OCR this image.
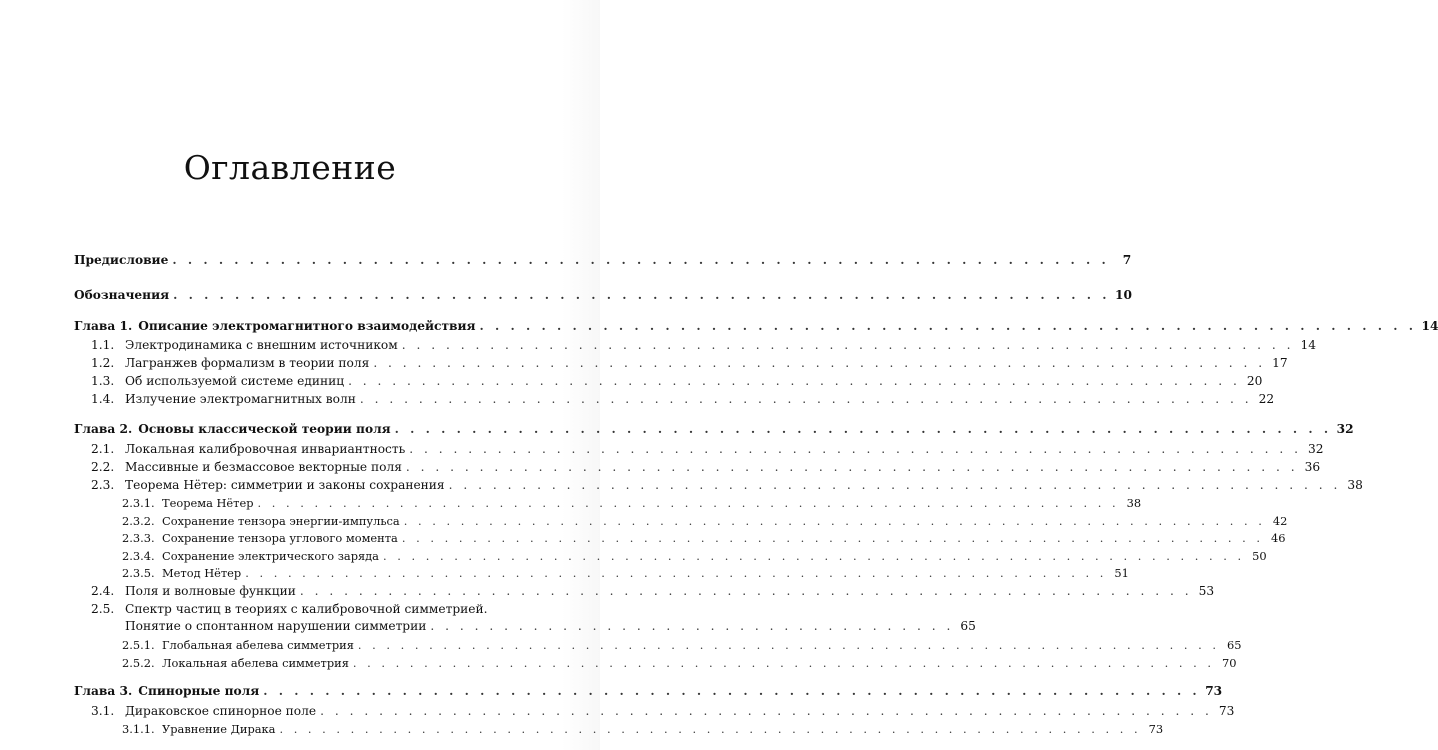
Оглавление
Предисловие . . .	7
Обозначения . . .	10
Глава 1. Описание электромагнитного взаимодействия . . .	14
1.1. Электродинамика с внешним источником . . .	14
1.2. Лагранжев формализм в теории поля . . .	17
1.3. Об используемой системе единиц . . .	20
1.4. Излучение электромагнитных волн . . .	22
Глава 2. Основы классической теории поля . . .	32
2.1. Локальная калибровочная инвариантность . . .	32
2.2. Массивные и безмассовое векторные поля . . .	36
2.3. Теорема Нётер: симметрии и законы сохранения . . .	38
2.3.1. Теорема Нётер . . .	38
2.3.2. Сохранение тензора энергии-импульса . . .	42
2.3.3. Сохранение тензора углового момента . . .	46
2.3.4. Сохранение электрического заряда . . .	50
2.3.5. Метод Нётер . . .	51
2.4. Поля и волновые функции . . .	53
2.5. Спектр частиц в теориях с калибровочной симметрией.
Понятие о спонтанном нарушении симметрии . . .	65
2.5.1. Глобальная абелева симметрия . . .	65
2.5.2. Локальная абелева симметрия . . .	70
Глава 3. Спинорные поля . . .	73
3.1. Дираковское спинорное поле . . .	73
3.1.1. Уравнение Дирака . . .	73
